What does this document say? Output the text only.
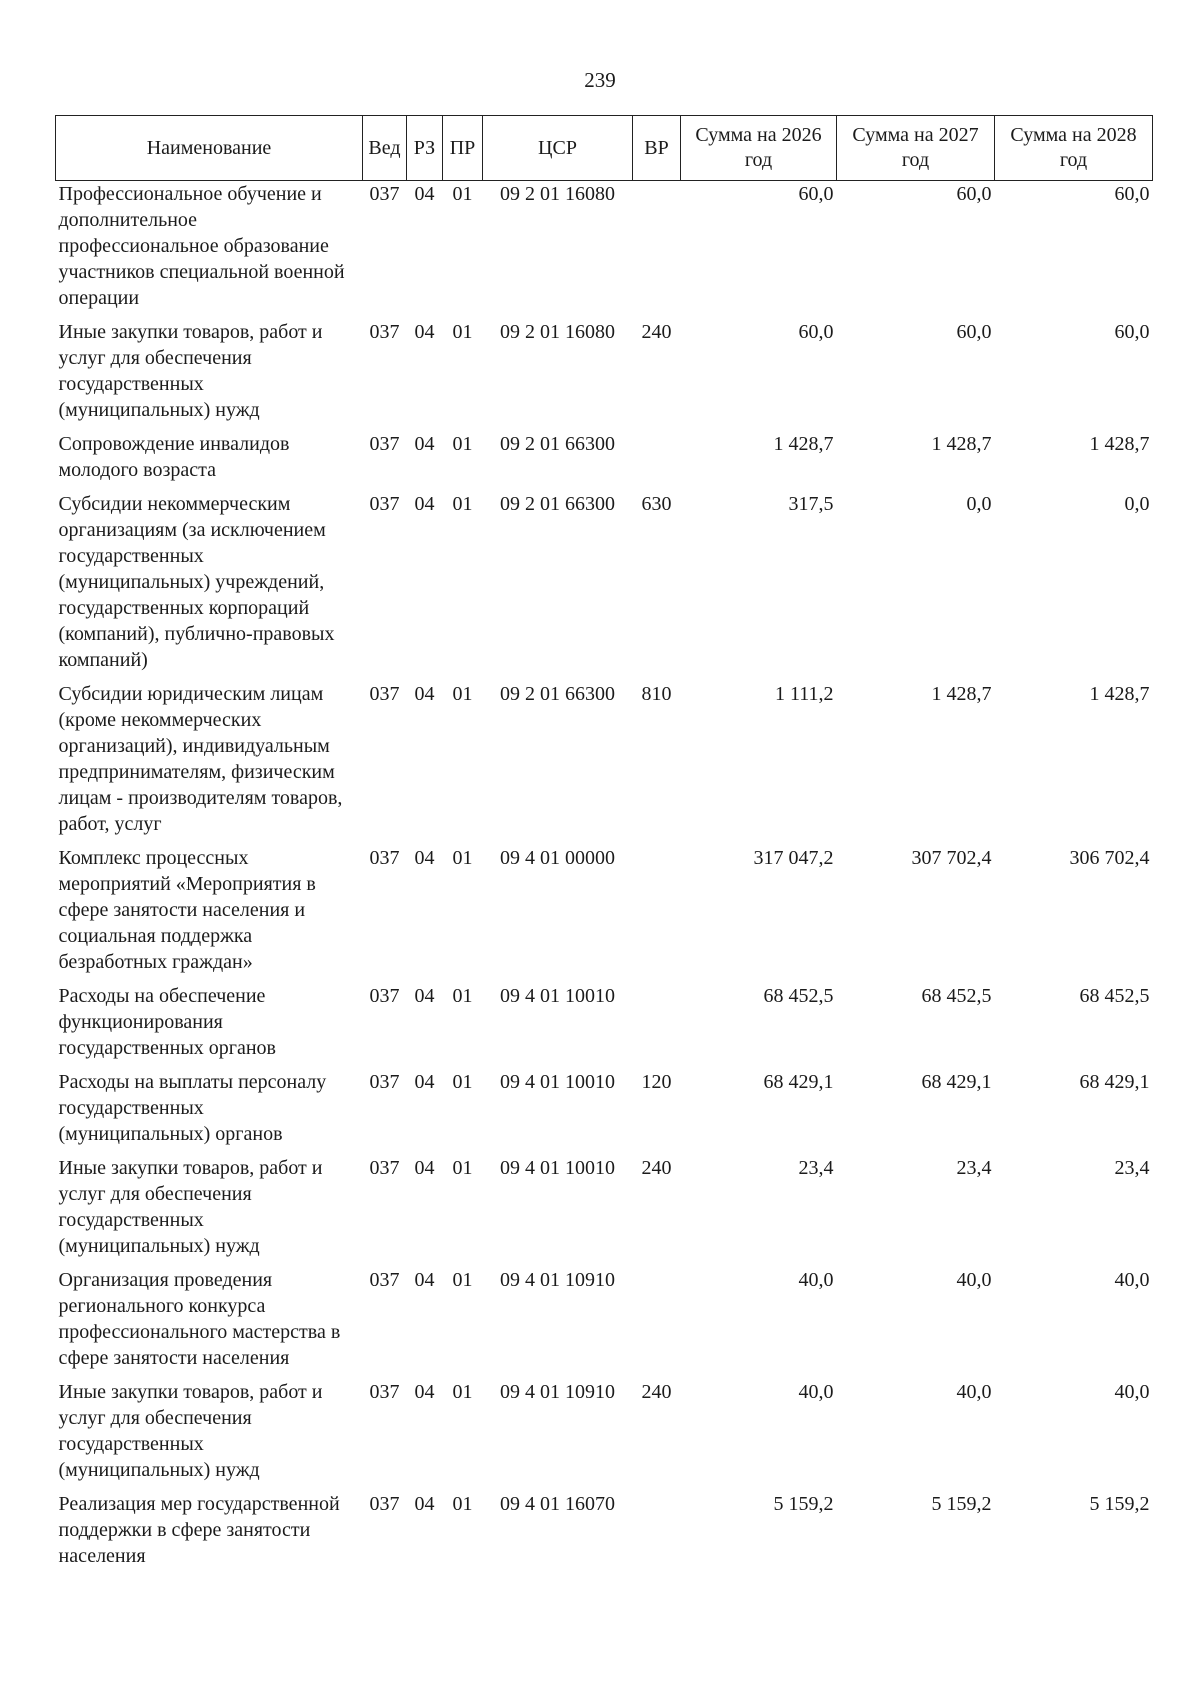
239
Наименование	Вед	РЗ	ПР	ЦСР	ВР	Сумма на 2026 год	Сумма на 2027 год	Сумма на 2028 год
Профессиональное обучение и дополнительное профессиональное образование участников специальной военной операции	037	04	01	09 2 01 16080		60,0	60,0	60,0
Иные закупки товаров, работ и услуг для обеспечения государственных (муниципальных) нужд	037	04	01	09 2 01 16080	240	60,0	60,0	60,0
Сопровождение инвалидов молодого возраста	037	04	01	09 2 01 66300		1 428,7	1 428,7	1 428,7
Субсидии некоммерческим организациям (за исключением государственных (муниципальных) учреждений, государственных корпораций (компаний), публично-правовых компаний)	037	04	01	09 2 01 66300	630	317,5	0,0	0,0
Субсидии юридическим лицам (кроме некоммерческих организаций), индивидуальным предпринимателям, физическим лицам - производителям товаров, работ, услуг	037	04	01	09 2 01 66300	810	1 111,2	1 428,7	1 428,7
Комплекс процессных мероприятий «Мероприятия в сфере занятости населения и социальная поддержка безработных граждан»	037	04	01	09 4 01 00000		317 047,2	307 702,4	306 702,4
Расходы на обеспечение функционирования государственных органов	037	04	01	09 4 01 10010		68 452,5	68 452,5	68 452,5
Расходы на выплаты персоналу государственных (муниципальных) органов	037	04	01	09 4 01 10010	120	68 429,1	68 429,1	68 429,1
Иные закупки товаров, работ и услуг для обеспечения государственных (муниципальных) нужд	037	04	01	09 4 01 10010	240	23,4	23,4	23,4
Организация проведения регионального конкурса профессионального мастерства в сфере занятости населения	037	04	01	09 4 01 10910		40,0	40,0	40,0
Иные закупки товаров, работ и услуг для обеспечения государственных (муниципальных) нужд	037	04	01	09 4 01 10910	240	40,0	40,0	40,0
Реализация мер государственной поддержки в сфере занятости населения	037	04	01	09 4 01 16070		5 159,2	5 159,2	5 159,2
